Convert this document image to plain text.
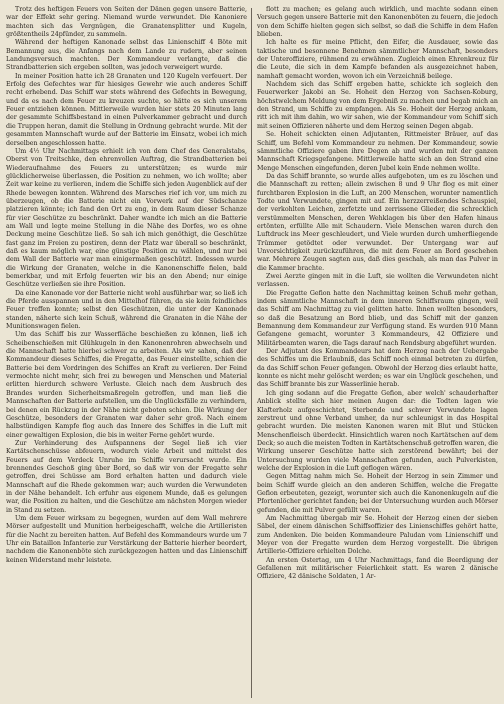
Trotz des heftigen Feuers von Seiten der Dänen gegen unsere Batterie, war der Effekt sehr gering. Niemand wurde verwundet. Die Kanoniere machten sich das Vergnügen, die Granatensplitter und Kugeln, größtentheils 24pfünder, zu sammeln.

Während der heftigen Kanonade selbst das Linienschiff 4 Böte mit Bemannung aus, die Anfangs nach dem Lande zu rudern, aber seinen Landungsversuch machten. Der Kommandeur verlangte, daß die Strandbatterien sich ergeben sollten, was jedoch verweigert wurde.

In meiner Position hatte ich 28 Granaten und 120 Kugeln verfeuert. Der Erfolg des Gefechtes war für hiesiges Gewehr wie auch anderes Schiff recht erhebend. Das Schiff war stets während des Gefechts in Bewegung, und da es nach dem Feuer zu kreuzen suchte, so hätte es sich unserem Feuer entziehen können. Mittlerweile wurden hier stets 20 Minuten lang der gesammte Schiffsbestand in einen Pulverkammer gebracht und durch die Truppen heran, damit die Stellung in Ordnung gebracht wurde. Mit der gesammten Mannschaft wurde auf der Batterie im Einsatz, wobei ich mich derselben angeschlossen hatte.

Um 4½ Uhr Nachmittags erhielt ich von dem Chef des Generalstabs, Oberst von Treitschke, den ehrenvollen Auftrag, die Strandbatterien bei Wiederaufnahme des Feuers zu unterstützen; es wurde mir glücklicherweise überlassen, die Position zu nehmen, wo ich wollte; aber Zeit war keine zu verlieren, indem die Schiffe sich jeden Augenblick auf der Rhede bewegen konnten. Während des Marsches rief ich vor, um mich zu überzeugen, ob die Batterie nicht ein Vorwerk auf der Südschanze platzieren könnte; ich fand den Ort zu eng, in dem Raum dieser Schanze für vier Geschütze zu beschränkt. Daher wandte ich mich an die Batterie am Wall und legte meine Stellung in die Nähe des Dorfes, wo es ohne Deckung meine Geschütze ließ. So sah ich mich genöthigt, die Geschütze fast ganz im Freien zu postiren, denn der Platz war überall so beschränkt, daß es kaum möglich war, eine günstige Position zu wählen, und nur bei dem Wall der Batterie war man einigermaßen geschützt. Indessen wurde die Wirkung der Granaten, welche in die Kanonenschiffe fielen, bald bemerkbar, und mit Erfolg feuerten wir bis an den Abend; nur einige Geschütze verließen sie ihre Position.

Da eine Kanonade vor der Batterie nicht wohl ausführbar war, so ließ ich die Pferde ausspannen und in den Mittelhof führen, da sie kein feindliches Feuer treffen konnte; selbst den Geschützen, die unter der Kanonade standen, näherte sich kein Schuß, während die Granaten in die Nähe der Munitionswagen fielen.

Um das Schiff bis zur Wasserfläche beschießen zu können, ließ ich Scheibenschießen mit Glühkugeln in den Kanonenrohren abwechseln und die Mannschaft hatte hierbei schwer zu arbeiten. Als wir sahen, daß der Kommandeur dieses Schiffes, die Fregatte, das Feuer einstellte, schien die Batterie bei dem Vordringen des Schiffes an Kraft zu verlieren. Der Feind vermochte nicht mehr, sich frei zu bewegen und Menschen und Material erlitten hierdurch schwere Verluste. Gleich nach dem Ausbruch des Brandes wurden Sicherheitsmaßregeln getroffen, und man ließ die Mannschaften der Batterie aufstellen, um die Unglücksfälle zu verhindern, bei denen ein Rückzug in der Nähe nicht geboten schien. Die Wirkung der Geschütze, besonders der Granaten war daher sehr groß. Nach einem halbstündigen Kampfe flog auch das Innere des Schiffes in die Luft mit einer gewaltigen Explosion, die bis in weiter Ferne gehört wurde.

Zur Verhinderung des Aufspannens der Segel ließ ich vier Kartätschenschüsse abfeuern, wodurch viele Arbeit und mittelst des Feuers auf dem Verdeck Unruhe im Schiffe verursacht wurde. Ein brennendes Geschoß ging über Bord, so daß wir von der Fregatte sehr getroffen, drei Schüsse am Bord erhalten hatten und dadurch viele Mannschaft auf die Rhede gekommen war; auch wurden die Verwundeten in der Nähe behandelt. Ich erfuhr aus eigenem Munde, daß es gelungen war, die Position zu halten, und die Geschütze am nächsten Morgen wieder in Stand zu setzen.

Um dem Feuer wirksam zu begegnen, wurden auf dem Wall mehrere Mörser aufgestellt und Munition herbeigeschafft, welche die Artilleristen für die Nacht zu bereiten hatten. Auf Befehl des Kommandeurs wurde um 7 Uhr ein Bataillon Infanterie zur Verstärkung der Batterie hierher beordert, nachdem die Kanonenböte sich zurückgezogen hatten und das Linienschiff keinen Widerstand mehr leistete.

flott zu machen; es gelang auch wirklich, und machte sodann einen Versuch gegen unsere Batterie mit den Kanonenböten zu feuern, die jedoch von dem Schiffe hielten gegen sich selbst, so daß die Schiffe in dem Hafen blieben.

Ich halte es für meine Pflicht, den Eifer, die Ausdauer, sowie das taktische und besonnene Benehmen sämmtlicher Mannschaft, besonders der Unteroffiziere, rühmend zu erwähnen. Zugleich einen Ehrenkreuz für die Leute, die sich in dem Kampfe befanden als ausgezeichnet haben, namhaft gemacht worden, wovon ich ein Verzeichniß beilege.

Nachdem sich das Schiff ergeben hatte, schickte ich sogleich den Feuerwerker Jakobi an Se. Hoheit den Herzog von Sachsen-Koburg, höchstwelchem Meldung von dem Ergebniß zu machen und begab mich an den Strand, um Schiffe zu empfangen. Als Se. Hoheit der Herzog ankam, ritt ich mit ihm dahin, wo wir sahen, wie der Kommandeur vom Schiff sich mit seinen Offizieren näherte und dem Herzog seinen Degen abgab.

Se. Hoheit schickten einen Adjutanten, Rittmeister Bräuer, auf das Schiff, um Befehl vom Kommandeur zu nehmen. Der Kommandeur, sowie sämmtliche Offiziere gaben ihre Degen ab und wurden mit der ganzen Mannschaft Kriegsgefangene. Mittlerweile hatte sich an den Strand eine Menge Menschen eingefunden, deren Jubel kein Ende nehmen wollte.

Da das Schiff brannte, so wurde alles aufgeboten, um es zu löschen und die Mannschaft zu retten; allein zwischen 8 und 9 Uhr flog es mit einer furchtbaren Explosion in die Luft, an 200 Menschen, worunter namentlich Todte und Verwundete, gingen mit auf. Ein herzzerreißendes Schauspiel, der verkohlten Leichen, zerfetzte und zerrissene Glieder, die schrecklich verstümmelten Menschen, deren Wehklagen bis über den Hafen hinaus ertönten, erfüllte Alle mit Schaudern. Viele Menschen waren durch den Luftdruck ins Meer geschleudert, und Viele wurden durch umherfliegende Trümmer getödtet oder verwundet. Der Untergang war auf Unvorsichtigkeit zurückzuführen, die mit dem Feuer an Bord geschehen war. Mehrere Zeugen sagten aus, daß dies geschah, als man das Pulver in die Kammer brachte.

Zwei Aerzte gingen mit in die Luft, sie wollten die Verwundeten nicht verlassen.

Die Fregatte Gefion hatte den Nachmittag keinen Schuß mehr gethan, indem sämmtliche Mannschaft in dem inneren Schiffsraum gingen, weil das Schiff am Nachmittag zu viel gelitten hatte. Ihnen wollten besonders, so daß die Besatzung an Bord blieb, und das Schiff mit der ganzen Bemannung dem Kommandeur zur Verfügung stand. Es wurden 910 Mann Gefangene gemacht, worunter 3 Kommandeurs, 42 Offiziere und Militärbeamten waren, die Tags darauf nach Rendsburg abgeführt wurden.

Der Adjutant des Kommandeurs hat dem Herzog nach der Uebergabe des Schiffes um die Erlaubniß, das Schiff noch einmal betreten zu dürfen, da das Schiff schon Feuer gefangen. Obwohl der Herzog dies erlaubt hatte, konnte es nicht mehr gelöscht werden; es war ein Unglück geschehen, und das Schiff brannte bis zur Wasserlinie herab.

Ich ging sodann auf die Fregatte Gefion, aber welch' schauderhafter Anblick stellte sich hier meinen Augen dar: die Todten lagen wie Klafterholz aufgeschichtet, Sterbende und schwer Verwundete lagen zerstreut und ohne Verband umher, da nur schleunigst in das Hospital gebracht wurden. Die meisten Kanonen waren mit Blut und Stücken Menschenfleisch überdeckt. Hinsichtlich waren noch Kartätschen auf dem Deck; so auch die meisten Todten in Kartätschenschuß getroffen waren, die Wirkung unserer Geschütze hatte sich zerstörend bewährt; bei der Untersuchung wurden viele Mannschaften gefunden, auch Pulverkisten, welche der Explosion in die Luft geflogen wären.

Gegen Mittag nahm mich Se. Hoheit der Herzog in sein Zimmer und beim Schiff wurde gleich an den anderen Schiffen, welche die Fregatte Gefion erbeuteten, gezeigt, worunter sich auch die Kanonenkugeln auf die Pfortenlöcher gerichtet fanden; bei der Untersuchung wurden auch Mörser gefunden, die mit Pulver gefüllt waren.

Am Nachmittag übergab mir Se. Hoheit der Herzog einen der sieben Säbel, der einem dänischen Schiffsoffizier des Linienschiffes gehört hatte, zum Andenken. Die beiden Kommandeure Paludan vom Linienschiff und Meyer von der Fregatte wurden dem Herzog vorgestellt. Die übrigen Artillerie-Offiziere erhielten Dolche.

An ersten Ostertag, um 4 Uhr Nachmittags, fand die Beerdigung der Gefallenen mit militärischer Feierlichkeit statt. Es waren 2 dänische Offiziere, 42 dänische Soldaten, 1 Ar-
